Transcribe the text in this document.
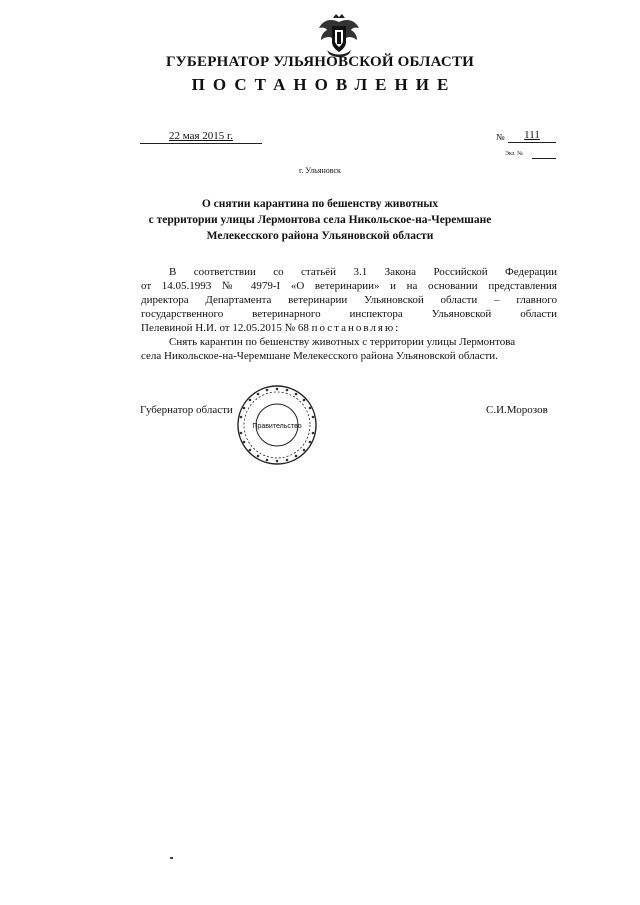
ГУБЕРНАТОР УЛЬЯНОВСКОЙ ОБЛАСТИ
ПОСТАНОВЛЕНИЕ
22 мая 2015 г.	№	111
Экз. №
г. Ульяновск
О снятии карантина по бешенству животных
с территории улицы Лермонтова села Никольское-на-Черемшане
Мелекесского района Ульяновской области
В соответствии со статьёй 3.1 Закона Российской Федерации
от 14.05.1993 № 4979-I «О ветеринарии» и на основании представления
директора Департамента ветеринарии Ульяновской области – главного
государственного ветеринарного инспектора Ульяновской области
Пелевиной Н.И. от 12.05.2015 № 68 постановляю:
Снять карантин по бешенству животных с территории улицы Лермонтова
села Никольское-на-Черемшане Мелекесского района Ульяновской области.
Губернатор области
Правительство
С.И.Морозов
